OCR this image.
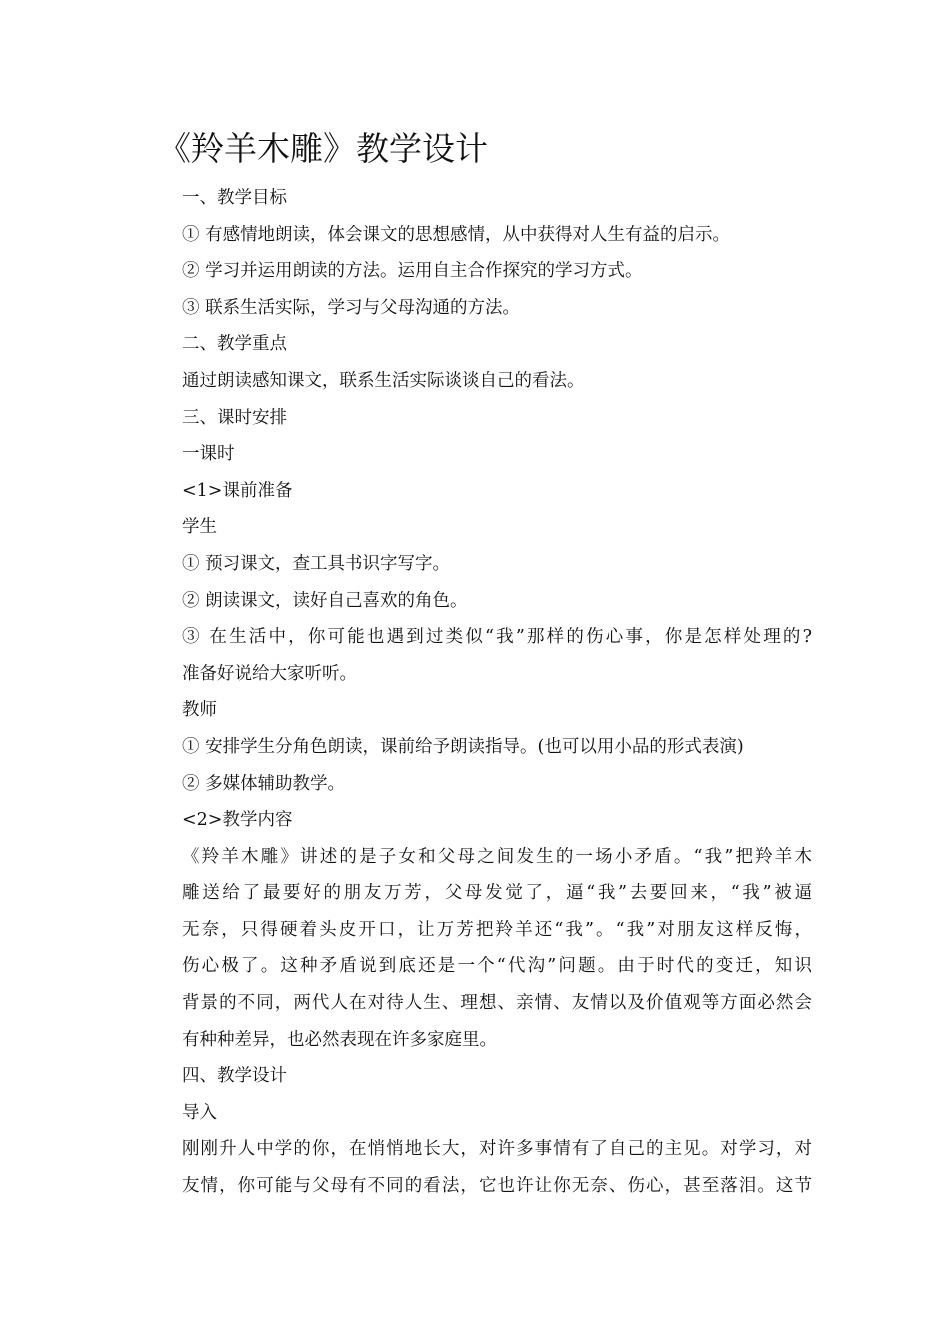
《羚羊木雕》教学设计
一、教学目标
① 有感情地朗读，体会课文的思想感情，从中获得对人生有益的启示。
② 学习并运用朗读的方法。运用自主合作探究的学习方式。
③ 联系生活实际，学习与父母沟通的方法。
二、教学重点
通过朗读感知课文，联系生活实际谈谈自己的看法。
三、课时安排
一课时
<1>课前准备
学生
① 预习课文，查工具书识字写字。
② 朗读课文，读好自己喜欢的角色。
③ 在生活中，你可能也遇到过类似“我”那样的伤心事，你是怎样处理的?
准备好说给大家听听。
教师
① 安排学生分角色朗读，课前给予朗读指导。(也可以用小品的形式表演)
② 多媒体辅助教学。
<2>教学内容
《羚羊木雕》讲述的是子女和父母之间发生的一场小矛盾。“我”把羚羊木
雕送给了最要好的朋友万芳，父母发觉了，逼“我”去要回来，“我”被逼
无奈，只得硬着头皮开口，让万芳把羚羊还“我”。“我”对朋友这样反悔，
伤心极了。这种矛盾说到底还是一个“代沟”问题。由于时代的变迁，知识
背景的不同，两代人在对待人生、理想、亲情、友情以及价值观等方面必然会
有种种差异，也必然表现在许多家庭里。
四、教学设计
导入
刚刚升人中学的你，在悄悄地长大，对许多事情有了自己的主见。对学习，对
友情，你可能与父母有不同的看法，它也许让你无奈、伤心，甚至落泪。这节
